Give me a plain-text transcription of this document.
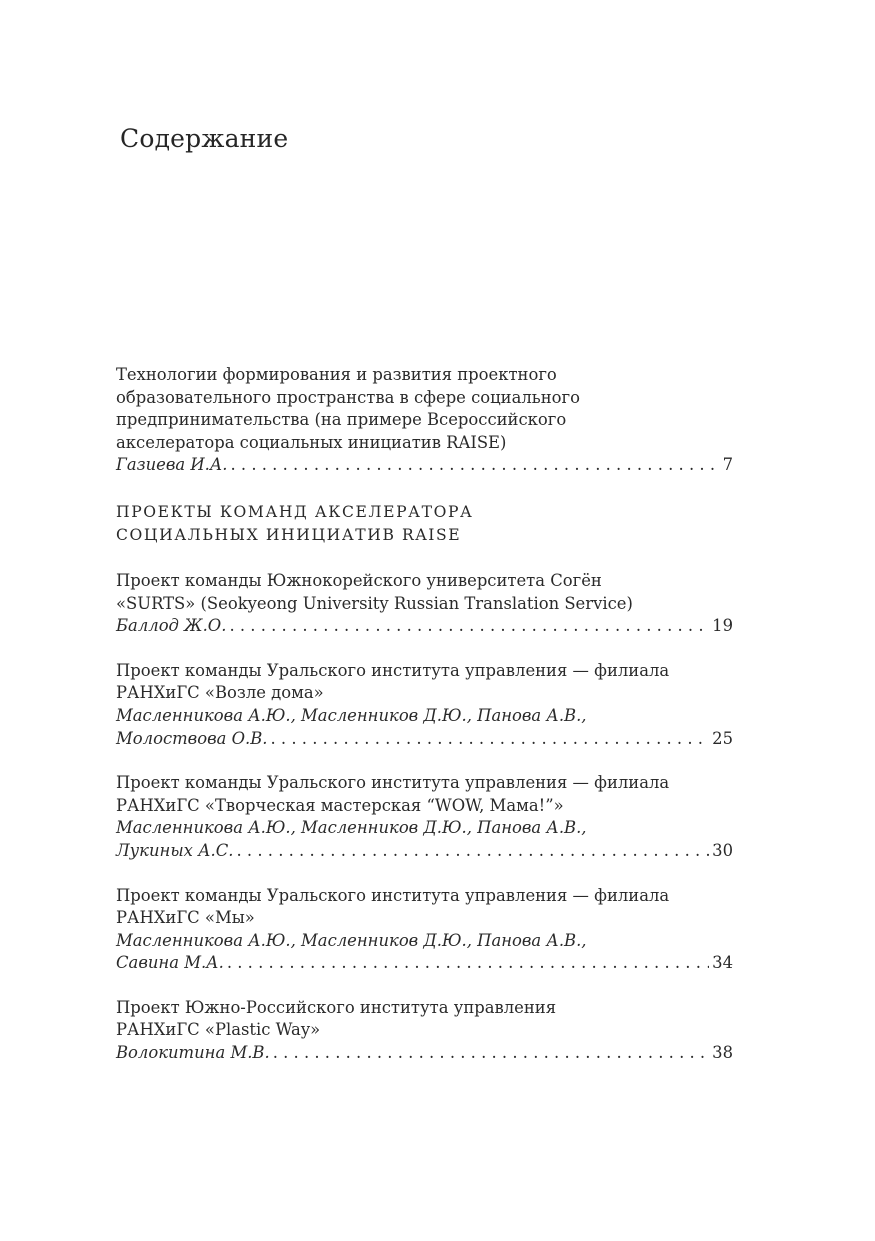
Содержание
Технологии формирования и развития проектного
образовательного пространства в сфере социального
предпринимательства (на примере Всероссийского
акселератора социальных инициатив RAISE)
Газиева И.А. . . .	7
ПРОЕКТЫ КОМАНД АКСЕЛЕРАТОРА
СОЦИАЛЬНЫХ ИНИЦИАТИВ RAISE
Проект команды Южнокорейского университета Согён
«SURTS» (Seokyeong University Russian Translation Service)
Баллод Ж.О. . . .	19
Проект команды Уральского института управления — филиала
РАНХиГС «Возле дома»
Масленникова А.Ю., Масленников Д.Ю., Панова А.В.,
Молоствова О.В. . . .	25
Проект команды Уральского института управления — филиала
РАНХиГС «Творческая мастерская “WOW, Мама!”»
Масленникова А.Ю., Масленников Д.Ю., Панова А.В.,
Лукиных А.С. . . .	30
Проект команды Уральского института управления — филиала
РАНХиГС «Мы»
Масленникова А.Ю., Масленников Д.Ю., Панова А.В.,
Савина М.А. . . .	34
Проект Южно-Российского института управления
РАНХиГС «Plastic Way»
Волокитина М.В. . . .	38
